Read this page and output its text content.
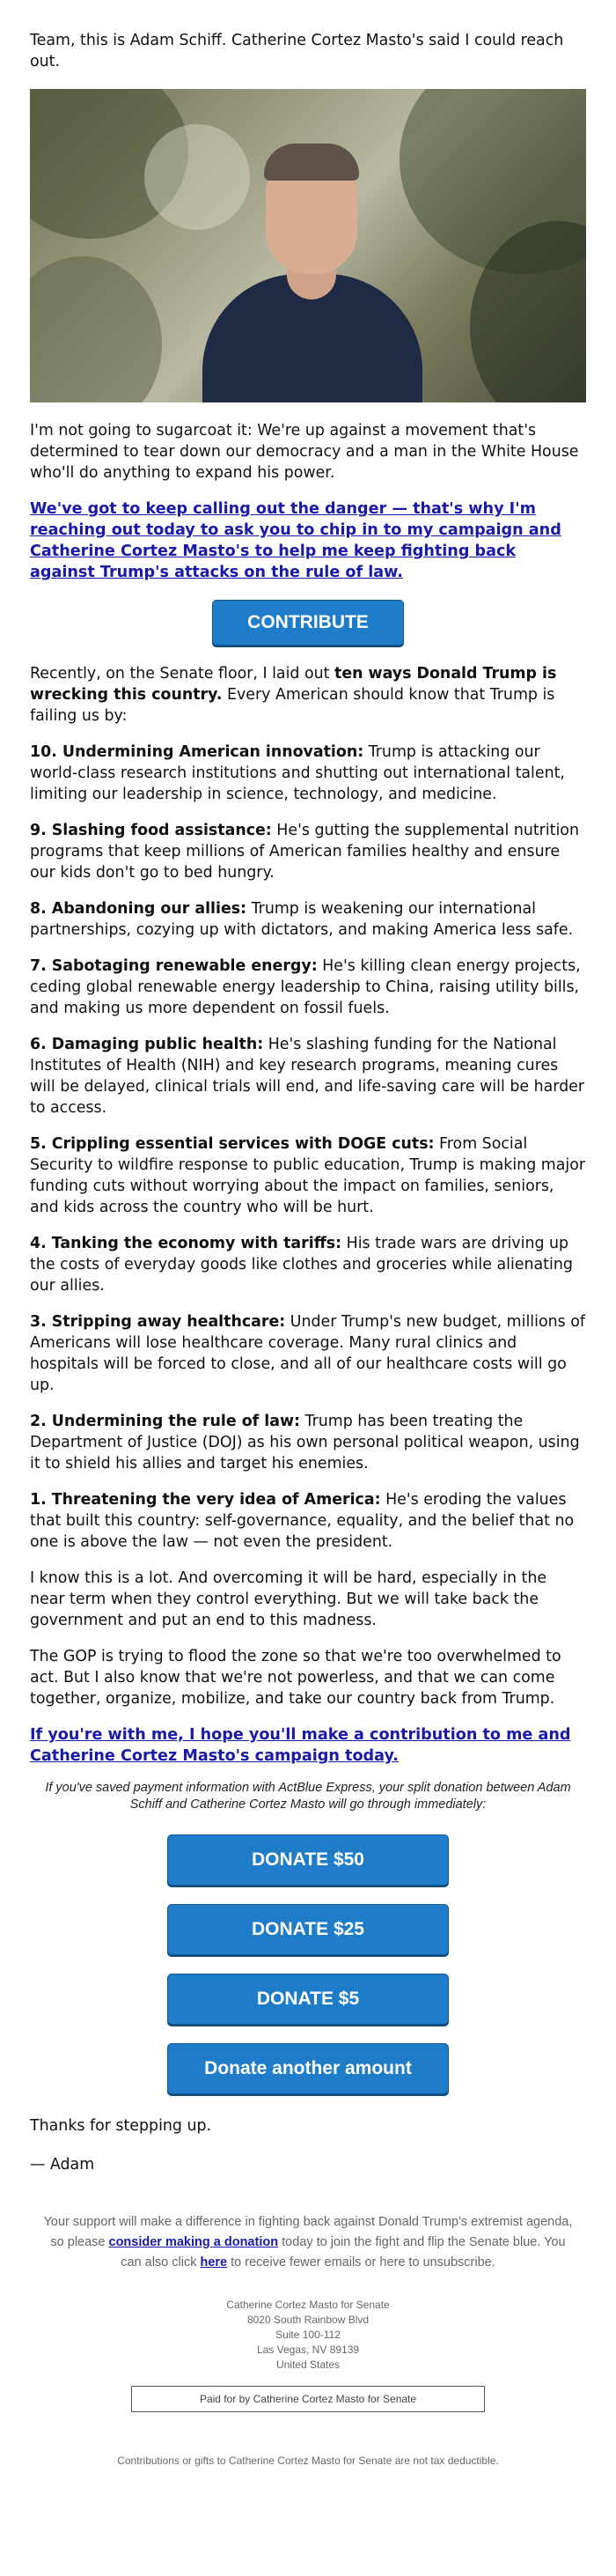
Team, this is Adam Schiff. Catherine Cortez Masto's said I could reach out.

I'm not going to sugarcoat it: We're up against a movement that's determined to tear down our democracy and a man in the White House who'll do anything to expand his power.

We've got to keep calling out the danger — that's why I'm reaching out today to ask you to chip in to my campaign and Catherine Cortez Masto's to help me keep fighting back against Trump's attacks on the rule of law.

CONTRIBUTE

Recently, on the Senate floor, I laid out ten ways Donald Trump is wrecking this country. Every American should know that Trump is failing us by:

10. Undermining American innovation: Trump is attacking our world-class research institutions and shutting out international talent, limiting our leadership in science, technology, and medicine.

9. Slashing food assistance: He's gutting the supplemental nutrition programs that keep millions of American families healthy and ensure our kids don't go to bed hungry.

8. Abandoning our allies: Trump is weakening our international partnerships, cozying up with dictators, and making America less safe.

7. Sabotaging renewable energy: He's killing clean energy projects, ceding global renewable energy leadership to China, raising utility bills, and making us more dependent on fossil fuels.

6. Damaging public health: He's slashing funding for the National Institutes of Health (NIH) and key research programs, meaning cures will be delayed, clinical trials will end, and life-saving care will be harder to access.

5. Crippling essential services with DOGE cuts: From Social Security to wildfire response to public education, Trump is making major funding cuts without worrying about the impact on families, seniors, and kids across the country who will be hurt.

4. Tanking the economy with tariffs: His trade wars are driving up the costs of everyday goods like clothes and groceries while alienating our allies.

3. Stripping away healthcare: Under Trump's new budget, millions of Americans will lose healthcare coverage. Many rural clinics and hospitals will be forced to close, and all of our healthcare costs will go up.

2. Undermining the rule of law: Trump has been treating the Department of Justice (DOJ) as his own personal political weapon, using it to shield his allies and target his enemies.

1. Threatening the very idea of America: He's eroding the values that built this country: self-governance, equality, and the belief that no one is above the law — not even the president.

I know this is a lot. And overcoming it will be hard, especially in the near term when they control everything. But we will take back the government and put an end to this madness.

The GOP is trying to flood the zone so that we're too overwhelmed to act. But I also know that we're not powerless, and that we can come together, organize, mobilize, and take our country back from Trump.

If you're with me, I hope you'll make a contribution to me and Catherine Cortez Masto's campaign today.

If you've saved payment information with ActBlue Express, your split donation between Adam Schiff and Catherine Cortez Masto will go through immediately:

DONATE $50
DONATE $25
DONATE $5
Donate another amount

Thanks for stepping up.

— Adam

Your support will make a difference in fighting back against Donald Trump's extremist agenda, so please consider making a donation today to join the fight and flip the Senate blue. You can also click here to receive fewer emails or here to unsubscribe.

Catherine Cortez Masto for Senate
8020 South Rainbow Blvd
Suite 100-112
Las Vegas, NV 89139
United States
Paid for by Catherine Cortez Masto for Senate
Contributions or gifts to Catherine Cortez Masto for Senate are not tax deductible.
